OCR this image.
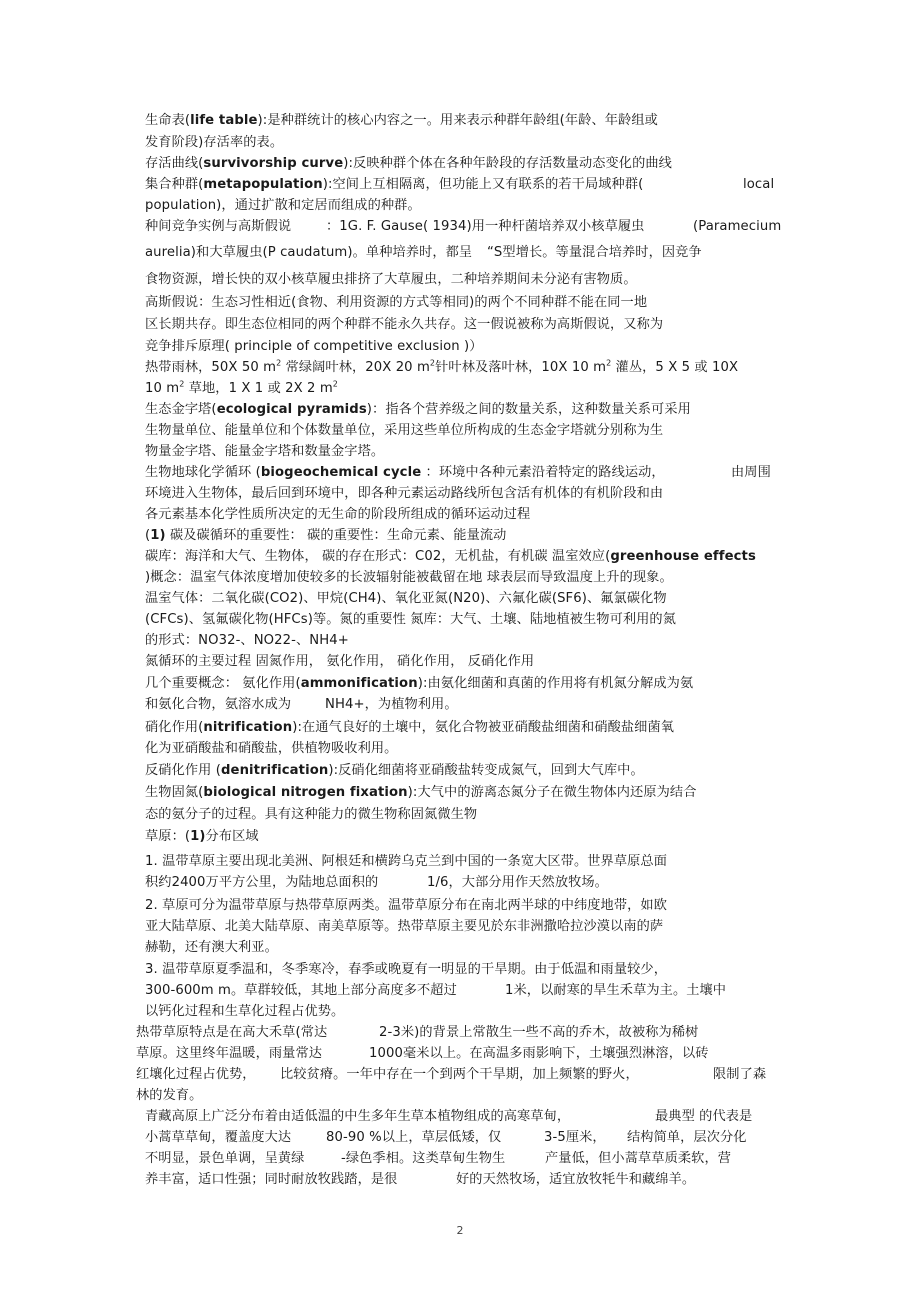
生命表(life table):是种群统计的核心内容之一。用来表示种群年龄组(年龄、年龄组或
发育阶段)存活率的表。
存活曲线(survivorship curve):反映种群个体在各种年龄段的存活数量动态变化的曲线
集合种群(metapopulation):空间上互相隔离，但功能上又有联系的若干局域种群(	local
population)，通过扩散和定居而组成的种群。
种间竞争实例与高斯假说	：1G. F. Gause( 1934)用一种杆菌培养双小核草履虫	(Paramecium
aurelia)和大草履虫(P caudatum)。单种培养时，都呈 “S型增长。等量混合培养时，因竞争
食物资源，增长快的双小核草履虫排挤了大草履虫，二种培养期间未分泌有害物质。
高斯假说：生态习性相近(食物、利用资源的方式等相同)的两个不同种群不能在同一地
区长期共存。即生态位相同的两个种群不能永久共存。这一假说被称为高斯假说，又称为
竞争排斥原理( principle of competitive exclusion )）
热带雨林，50X 50 $m^2$ 常绿阔叶林，20X 20 $m^2$针叶林及落叶林，10X 10 $m^2$ 灌丛，5 X 5 或 10X
10 $m^2$ 草地，1 X 1 或 2X 2 $m^2$
生态金字塔(ecological pyramids)：指各个营养级之间的数量关系，这种数量关系可采用
生物量单位、能量单位和个体数量单位，采用这些单位所构成的生态金字塔就分别称为生
物量金字塔、能量金字塔和数量金字塔。
生物地球化学循环 (biogeochemical cycle ：环境中各种元素沿着特定的路线运动，	由周围
环境进入生物体，最后回到环境中，即各种元素运动路线所包含活有机体的有机阶段和由
各元素基本化学性质所决定的无生命的阶段所组成的循环运动过程
(1) 碳及碳循环的重要性： 碳的重要性：生命元素、能量流动
碳库：海洋和大气、生物体， 碳的存在形式：C02，无机盐，有机碳 温室效应(greenhouse effects
)概念：温室气体浓度增加使较多的长波辐射能被截留在地 球表层而导致温度上升的现象。
温室气体：二氧化碳(CO2)、甲烷(CH4)、氧化亚氮(N20)、六氟化碳(SF6)、氟氯碳化物
(CFCs)、氢氟碳化物(HFCs)等。氮的重要性 氮库：大气、土壤、陆地植被生物可利用的氮
的形式：NO32-、NO22-、NH4+
氮循环的主要过程 固氮作用， 氨化作用， 硝化作用， 反硝化作用
几个重要概念： 氨化作用(ammonification):由氨化细菌和真菌的作用将有机氮分解成为氨
和氨化合物，氨溶水成为	NH4+，为植物利用。
硝化作用(nitrification):在通气良好的土壤中，氨化合物被亚硝酸盐细菌和硝酸盐细菌氧
化为亚硝酸盐和硝酸盐，供植物吸收利用。
反硝化作用 (denitrification):反硝化细菌将亚硝酸盐转变成氮气，回到大气库中。
生物固氮(biological nitrogen fixation):大气中的游离态氮分子在微生物体内还原为结合
态的氨分子的过程。具有这种能力的微生物称固氮微生物
草原：(1)分布区域
1. 温带草原主要出现北美洲、阿根廷和横跨乌克兰到中国的一条宽大区带。世界草原总面
积约2400万平方公里，为陆地总面积的	1/6，大部分用作天然放牧场。
2. 草原可分为温带草原与热带草原两类。温带草原分布在南北两半球的中纬度地带，如欧
亚大陆草原、北美大陆草原、南美草原等。热带草原主要见於东非洲撒哈拉沙漠以南的萨
赫勒，还有澳大利亚。
3. 温带草原夏季温和，冬季寒冷，春季或晚夏有一明显的干旱期。由于低温和雨量较少，
300-600m m。草群较低，其地上部分高度多不超过	1米，以耐寒的旱生禾草为主。土壤中
以钙化过程和生草化过程占优势。
热带草原特点是在高大禾草(常达	2-3米)的背景上常散生一些不高的乔木，故被称为稀树
草原。这里终年温暖，雨量常达	1000毫米以上。在高温多雨影响下，土壤强烈淋溶，以砖
红壤化过程占优势， 比较贫瘠。一年中存在一个到两个干旱期，加上频繁的野火，	限制了森
林的发育。
青藏高原上广泛分布着由适低温的中生多年生草本植物组成的高寒草甸，	最典型 的代表是
小蒿草草甸，覆盖度大达	80-90 %以上，草层低矮，仅	3-5厘米， 结构简单，层次分化
不明显，景色单调，呈黄绿	-绿色季相。这类草甸生物生	产量低，但小蒿草草质柔软，营
养丰富，适口性强；同时耐放牧践踏，是很	好的天然牧场，适宜放牧牦牛和藏绵羊。
2
